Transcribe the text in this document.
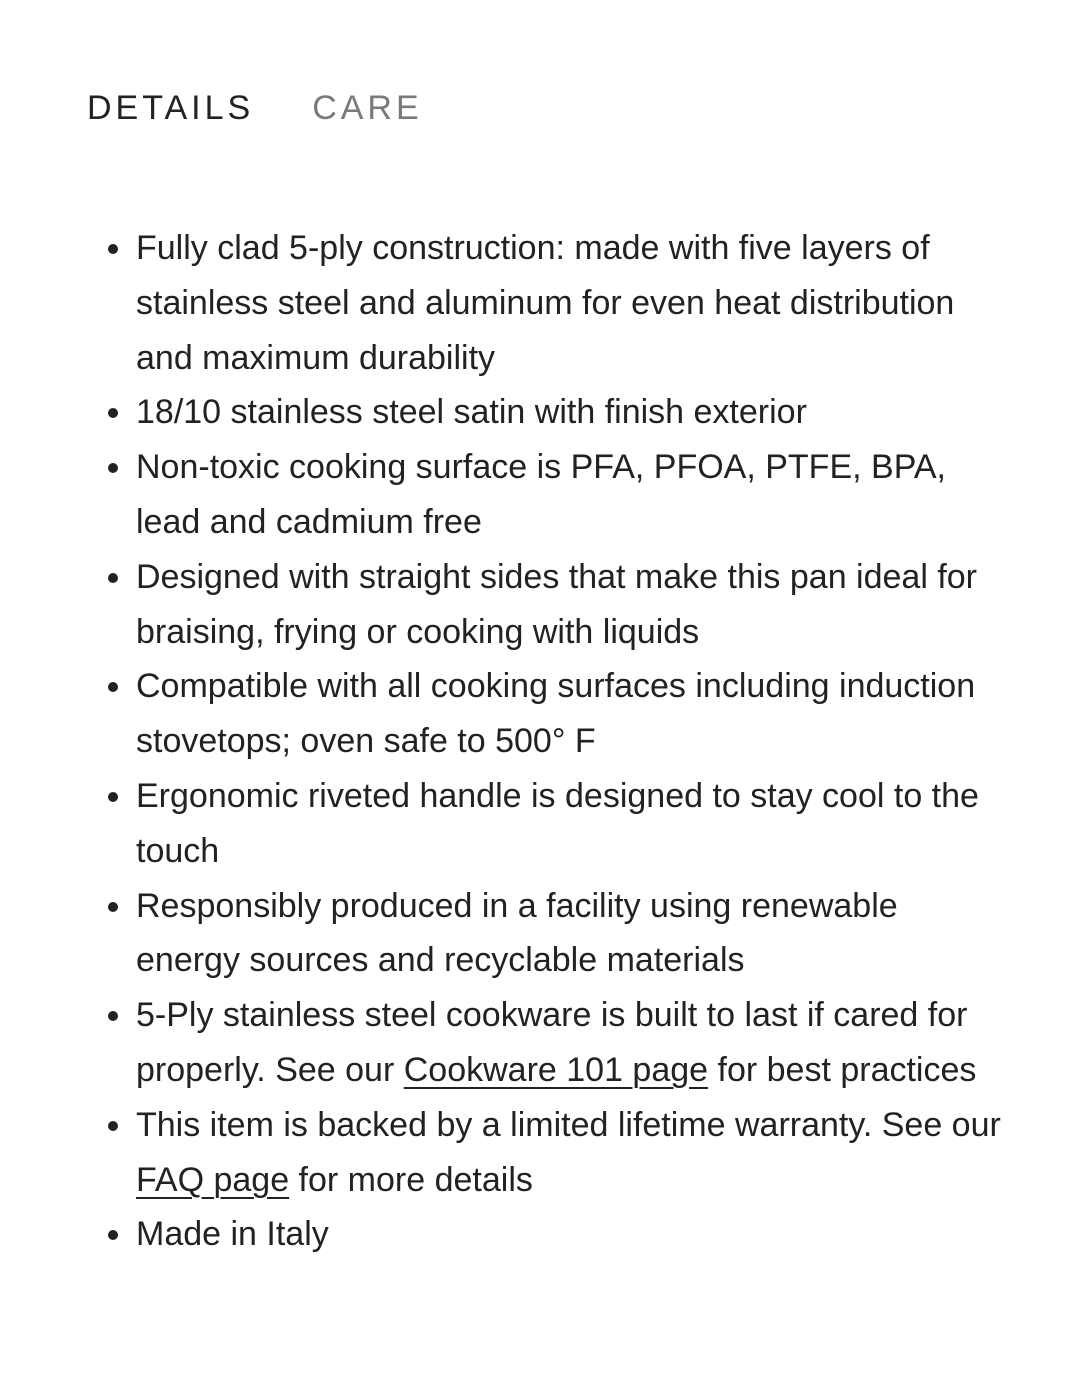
DETAILS CARE
Fully clad 5-ply construction: made with five layers of stainless steel and aluminum for even heat distribution and maximum durability
18/10 stainless steel satin with finish exterior
Non-toxic cooking surface is PFA, PFOA, PTFE, BPA, lead and cadmium free
Designed with straight sides that make this pan ideal for braising, frying or cooking with liquids
Compatible with all cooking surfaces including induction stovetops; oven safe to 500° F
Ergonomic riveted handle is designed to stay cool to the touch
Responsibly produced in a facility using renewable energy sources and recyclable materials
5-Ply stainless steel cookware is built to last if cared for properly. See our Cookware 101 page for best practices
This item is backed by a limited lifetime warranty. See our FAQ page for more details
Made in Italy
